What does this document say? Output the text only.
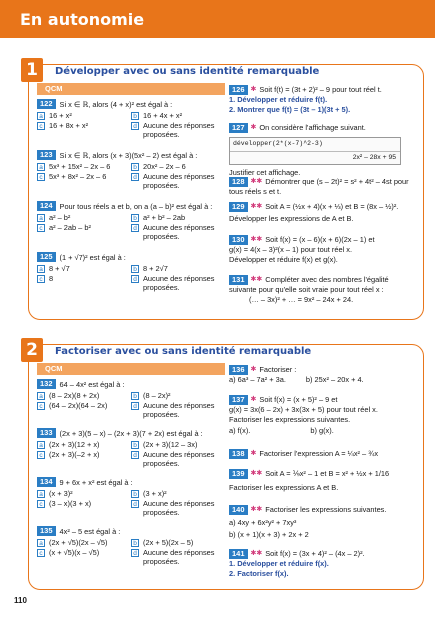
En autonomie
1	Développer avec ou sans identité remarquable
QCM
122 Si x ∈ ℝ, alors (4 + x)² est égal à :
a 16 + x²	b 16 + 4x + x²
c 16 + 8x + x²	d Aucune des réponses proposées.
123 Si x ∈ ℝ, alors (x + 3)(5x² – 2) est égal à :
a 5x³ + 15x² – 2x – 6	b 20x² – 2x – 6
c 5x³ + 8x² – 2x – 6	d Aucune des réponses proposées.
124 Pour tous réels a et b, on a (a – b)² est égal à :
a a² – b²	b a² + b² – 2ab
c a² – 2ab – b²	d Aucune des réponses proposées.
125 (1 + √7)² est égal à :
a 8 + √7	b 8 + 2√7
c 8	d Aucune des réponses proposées.
126 ✱ Soit f(t) = (3t + 2)² – 9 pour tout réel t.
1. Développer et réduire f(t).
2. Montrer que f(t) = (3t – 1)(3t + 5).
127 ✱ On considère l'affichage suivant.
développer(2*(x-7)^2-3)
2x² – 28x + 95
Justifier cet affichage.
128 ✱✱ Démontrer que (s – 2t)² = s² + 4t² – 4st pour
tous réels s et t.
129 ✱✱ Soit A = (½x + 4)(x + ⅓) et B = (8x – ½)².
Développer les expressions de A et B.
130 ✱✱ Soit f(x) = (x – 6)(x + 6)(2x – 1) et
g(x) = 4(x – 3)²(x – 1) pour tout réel x.
Développer et réduire f(x) et g(x).
131 ✱✱ Compléter avec des nombres l'égalité
suivante pour qu'elle soit vraie pour tout réel x :
(… – 3x)² + … = 9x² – 24x + 24.
2	Factoriser avec ou sans identité remarquable
QCM
132 64 – 4x² est égal à :
a (8 – 2x)(8 + 2x)	b (8 – 2x)²
c (64 – 2x)(64 – 2x)	d Aucune des réponses proposées.
133 (2x + 3)(5 – x) – (2x + 3)(7 + 2x) est égal à :
a (2x + 3)(12 + x)	b (2x + 3)(12 – 3x)
c (2x + 3)(–2 + x)	d Aucune des réponses proposées.
134 9 + 6x + x² est égal à :
a (x + 3)²	b (3 + x)²
c (3 – x)(3 + x)	d Aucune des réponses proposées.
135 4x² – 5 est égal à :
a (2x + √5)(2x – √5)	b (2x + 5)(2x – 5)
c (x + √5)(x – √5)	d Aucune des réponses proposées.
136 ✱ Factoriser :
a) 6a³ – 7a² + 3a.	b) 25x² – 20x + 4.
137 ✱ Soit f(x) = (x + 5)² – 9 et
g(x) = 3x(6 – 2x) + 3x(3x + 5) pour tout réel x.
Factoriser les expressions suivantes.
a) f(x).	b) g(x).
138 ✱ Factoriser l'expression A = ¼x² – ¾x
139 ✱✱ Soit A = ⅑x² – 1 et B = x² + ½x + 1/16
Factoriser les expressions A et B.
140 ✱✱ Factoriser les expressions suivantes.
a) 4xy + 6x²y² + 7xy³
b) (x + 1)(x + 3) + 2x + 2
141 ✱✱ Soit f(x) = (3x + 4)² – (4x – 2)².
1. Développer et réduire f(x).
2. Factoriser f(x).
110
